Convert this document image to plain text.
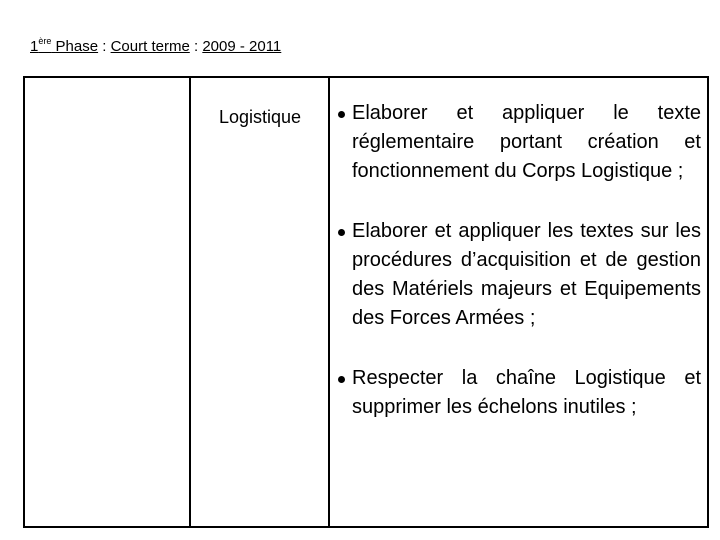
1ère Phase : Court terme : 2009 - 2011
Logistique	Elaborer et appliquer le texte réglementaire portant création et fonctionnement du Corps Logistique ;
Elaborer et appliquer les textes sur les procédures d’acquisition et de gestion des Matériels majeurs et Equipements des Forces Armées ;
Respecter la chaîne Logistique et supprimer les échelons inutiles ;
